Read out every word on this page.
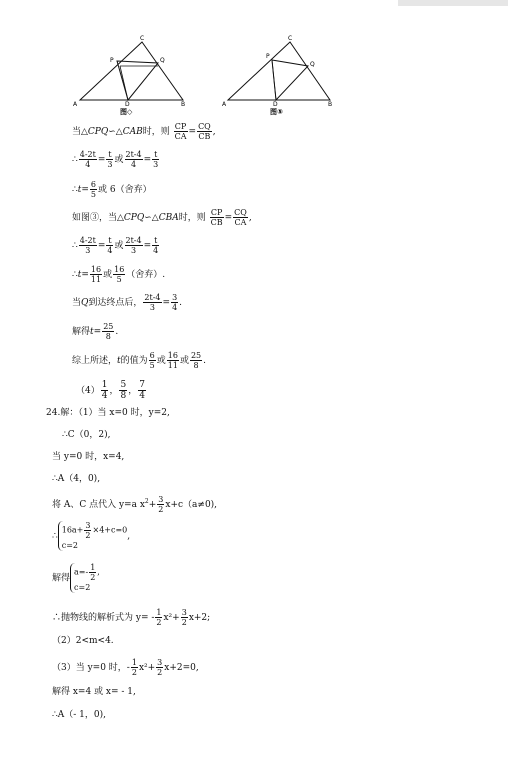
C
P	Q
A	D	B
图◇
C
P
Q
A	D	B
图⑤
当△CPQ∽△CAB时，则 $\frac{CP}{CA} = \frac{CQ}{CB}$ ,
∴ $\frac{4-2t}{4} = \frac{t}{3}$ 或 $\frac{2t-4}{4} = \frac{t}{3}$
∴t= $\frac{6}{5}$ 或 6（舍弃）
如图③，当△CPQ∽△CBA时，则 $\frac{CP}{CB} = \frac{CQ}{CA}$ ,
∴ $\frac{4-2t}{3} = \frac{t}{4}$ 或 $\frac{2t-4}{3} = \frac{t}{4}$
∴t= $\frac{16}{11}$ 或 $\frac{16}{5}$ （舍弃）.
当Q到达终点后， $\frac{2t-4}{3} = \frac{3}{4}$ .
解得$t= \frac{25}{8}$ .
综上所述，t的值为 $\frac{6}{5}$ 或 $\frac{16}{11}$ 或 $\frac{25}{8}$ .
$(4) \frac{1}{4}$ ， $\frac{5}{8}$ ， $\frac{7}{4}$
24.解：（1）当 x=0 时，y=2,
∴C（0，2),
当 y=0 时，x=4,
∴A（4，0),
将 A、C 点代入 y=a $x^2+ \frac{3}{2} x+c(a\ne 0)$,
∴
$16a+ \frac{3}{2} \times 4+c=0$
c=2
,
解得
$a=- \frac{1}{2}$ ,
c=2
∴抛物线的解析式为 $y= - \frac{1}{2} x^2+ \frac{3}{2} x+2$;
（2）2<m<4.
（3）当 y=0 时，- $\frac{1}{2} x^2+ \frac{3}{2} x+2=0$,
解得 x=4 或 x= - 1,
∴A（- 1，0),
